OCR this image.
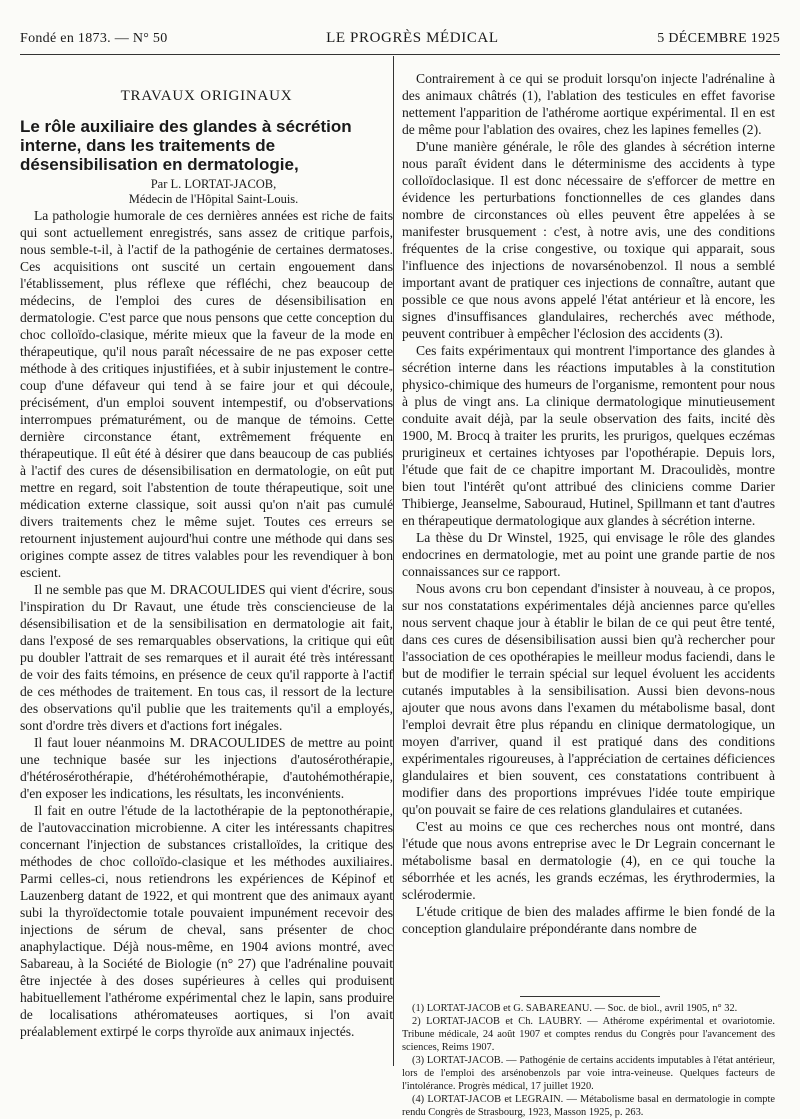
Fondé en 1873. — N° 50	LE PROGRÈS MÉDICAL	5 DÉCEMBRE 1925
TRAVAUX ORIGINAUX
Le rôle auxiliaire des glandes à sécrétion interne, dans les traitements de désensibilisation en dermatologie,

Par L. LORTAT-JACOB,

Médecin de l'Hôpital Saint-Louis.

La pathologie humorale de ces dernières années est riche de faits qui sont actuellement enregistrés, sans assez de critique parfois, nous semble-t-il, à l'actif de la pathogénie de certaines dermatoses. Ces acquisitions ont suscité un certain engouement dans l'établissement, plus réflexe que réfléchi, chez beaucoup de médecins, de l'emploi des cures de désensibilisation en dermatologie. C'est parce que nous pensons que cette conception du choc colloïdo-clasique, mérite mieux que la faveur de la mode en thérapeutique, qu'il nous paraît nécessaire de ne pas exposer cette méthode à des critiques injustifiées, et à subir injustement le contre-coup d'une défaveur qui tend à se faire jour et qui découle, précisément, d'un emploi souvent intempestif, ou d'observations interrompues prématurément, ou de manque de témoins. Cette dernière circonstance étant, extrêmement fréquente en thérapeutique. Il eût été à désirer que dans beaucoup de cas publiés à l'actif des cures de désensibilisation en dermatologie, on eût put mettre en regard, soit l'abstention de toute thérapeutique, soit une médication externe classique, soit aussi qu'on n'ait pas cumulé divers traitements chez le même sujet. Toutes ces erreurs se retournent injustement aujourd'hui contre une méthode qui dans ses origines compte assez de titres valables pour les revendiquer à bon escient.

Il ne semble pas que M. DRACOULIDES qui vient d'écrire, sous l'inspiration du Dr Ravaut, une étude très consciencieuse de la désensibilisation et de la sensibilisation en dermatologie ait fait, dans l'exposé de ses remarquables observations, la critique qui eût pu doubler l'attrait de ses remarques et il aurait été très intéressant de voir des faits témoins, en présence de ceux qu'il rapporte à l'actif de ces méthodes de traitement. En tous cas, il ressort de la lecture des observations qu'il publie que les traitements qu'il a employés, sont d'ordre très divers et d'actions fort inégales.

Il faut louer néanmoins M. DRACOULIDES de mettre au point une technique basée sur les injections d'autosérothérapie, d'hétérosérothérapie, d'hétérohémothérapie, d'autohémothérapie, d'en exposer les indications, les résultats, les inconvénients.

Il fait en outre l'étude de la lactothérapie de la peptonothérapie, de l'autovaccination microbienne. A citer les intéressants chapitres concernant l'injection de substances cristalloïdes, la critique des méthodes de choc colloïdo-clasique et les méthodes auxiliaires. Parmi celles-ci, nous retiendrons les expériences de Képinof et Lauzenberg datant de 1922, et qui montrent que des animaux ayant subi la thyroïdectomie totale pouvaient impunément recevoir des injections de sérum de cheval, sans présenter de choc anaphylactique. Déjà nous-même, en 1904 avions montré, avec Sabareau, à la Société de Biologie (n° 27) que l'adrénaline pouvait être injectée à des doses supérieures à celles qui produisent habituellement l'athérome expérimental chez le lapin, sans produire de localisations athéromateuses aortiques, si l'on avait préalablement extirpé le corps thyroïde aux animaux injectés.

Contrairement à ce qui se produit lorsqu'on injecte l'adrénaline à des animaux châtrés (1), l'ablation des testicules en effet favorise nettement l'apparition de l'athérome aortique expérimental. Il en est de même pour l'ablation des ovaires, chez les lapines femelles (2).

D'une manière générale, le rôle des glandes à sécrétion interne nous paraît évident dans le déterminisme des accidents à type colloïdoclasique. Il est donc nécessaire de s'efforcer de mettre en évidence les perturbations fonctionnelles de ces glandes dans nombre de circonstances où elles peuvent être appelées à se manifester brusquement : c'est, à notre avis, une des conditions fréquentes de la crise congestive, ou toxique qui apparait, sous l'influence des injections de novarsénobenzol. Il nous a semblé important avant de pratiquer ces injections de connaître, autant que possible ce que nous avons appelé l'état antérieur et là encore, les signes d'insuffisances glandulaires, recherchés avec méthode, peuvent contribuer à empêcher l'éclosion des accidents (3).

Ces faits expérimentaux qui montrent l'importance des glandes à sécrétion interne dans les réactions imputables à la constitution physico-chimique des humeurs de l'organisme, remontent pour nous à plus de vingt ans. La clinique dermatologique minutieusement conduite avait déjà, par la seule observation des faits, incité dès 1900, M. Brocq à traiter les prurits, les prurigos, quelques eczémas prurigineux et certaines ichtyoses par l'opothérapie. Depuis lors, l'étude que fait de ce chapitre important M. Dracoulidès, montre bien tout l'intérêt qu'ont attribué des cliniciens comme Darier Thibierge, Jeanselme, Sabouraud, Hutinel, Spillmann et tant d'autres en thérapeutique dermatologique aux glandes à sécrétion interne.

La thèse du Dr Winstel, 1925, qui envisage le rôle des glandes endocrines en dermatologie, met au point une grande partie de nos connaissances sur ce rapport.

Nous avons cru bon cependant d'insister à nouveau, à ce propos, sur nos constatations expérimentales déjà anciennes parce qu'elles nous servent chaque jour à établir le bilan de ce qui peut être tenté, dans ces cures de désensibilisation aussi bien qu'à rechercher pour l'association de ces opothérapies le meilleur modus faciendi, dans le but de modifier le terrain spécial sur lequel évoluent les accidents cutanés imputables à la sensibilisation. Aussi bien devons-nous ajouter que nous avons dans l'examen du métabolisme basal, dont l'emploi devrait être plus répandu en clinique dermatologique, un moyen d'arriver, quand il est pratiqué dans des conditions expérimentales rigoureuses, à l'appréciation de certaines déficiences glandulaires et bien souvent, ces constatations contribuent à modifier dans des proportions imprévues l'idée toute empirique qu'on pouvait se faire de ces relations glandulaires et cutanées.

C'est au moins ce que ces recherches nous ont montré, dans l'étude que nous avons entreprise avec le Dr Legrain concernant le métabolisme basal en dermatologie (4), en ce qui touche la séborrhée et les acnés, les grands eczémas, les érythrodermies, la sclérodermie.

L'étude critique de bien des malades affirme le bien fondé de la conception glandulaire prépondérante dans nombre de

(1) LORTAT-JACOB et G. SABAREANU. — Soc. de biol., avril 1905, n° 32.

2) LORTAT-JACOB et Ch. LAUBRY. — Athérome expérimental et ovariotomie. Tribune médicale, 24 août 1907 et comptes rendus du Congrès pour l'avancement des sciences, Reims 1907.

(3) LORTAT-JACOB. — Pathogénie de certains accidents imputables à l'état antérieur, lors de l'emploi des arsénobenzols par voie intra-veineuse. Quelques facteurs de l'intolérance. Progrès médical, 17 juillet 1920.

(4) LORTAT-JACOB et LEGRAIN. — Métabolisme basal en dermatologie in compte rendu Congrès de Strasbourg, 1923, Masson 1925, p. 263.
